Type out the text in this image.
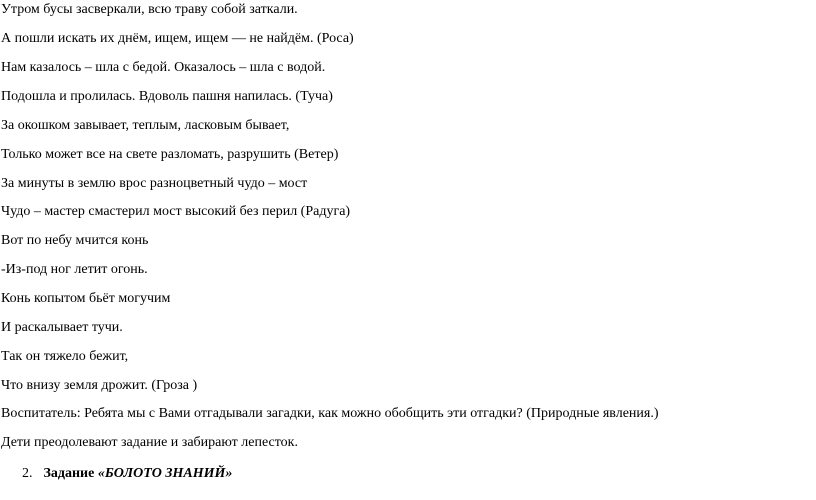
Утром бусы засверкали, всю траву собой заткали.
А пошли искать их днём, ищем, ищем — не найдём. (Роса)
Нам казалось – шла с бедой. Оказалось – шла с водой.
Подошла и пролилась. Вдоволь пашня напилась. (Туча)
За окошком завывает, теплым, ласковым бывает,
Только может все на свете разломать, разрушить (Ветер)
За минуты в землю врос разноцветный чудо – мост
Чудо – мастер смастерил мост высокий без перил (Радуга)
Вот по небу мчится конь
-Из-под ног летит огонь.
Конь копытом бьёт могучим
И раскалывает тучи.
Так он тяжело бежит,
Что внизу земля дрожит. (Гроза )
Воспитатель: Ребята мы с Вами отгадывали загадки, как можно обобщить эти отгадки? (Природные явления.)
Дети преодолевают задание и забирают лепесток.
2. Задание «БОЛОТО ЗНАНИЙ»
